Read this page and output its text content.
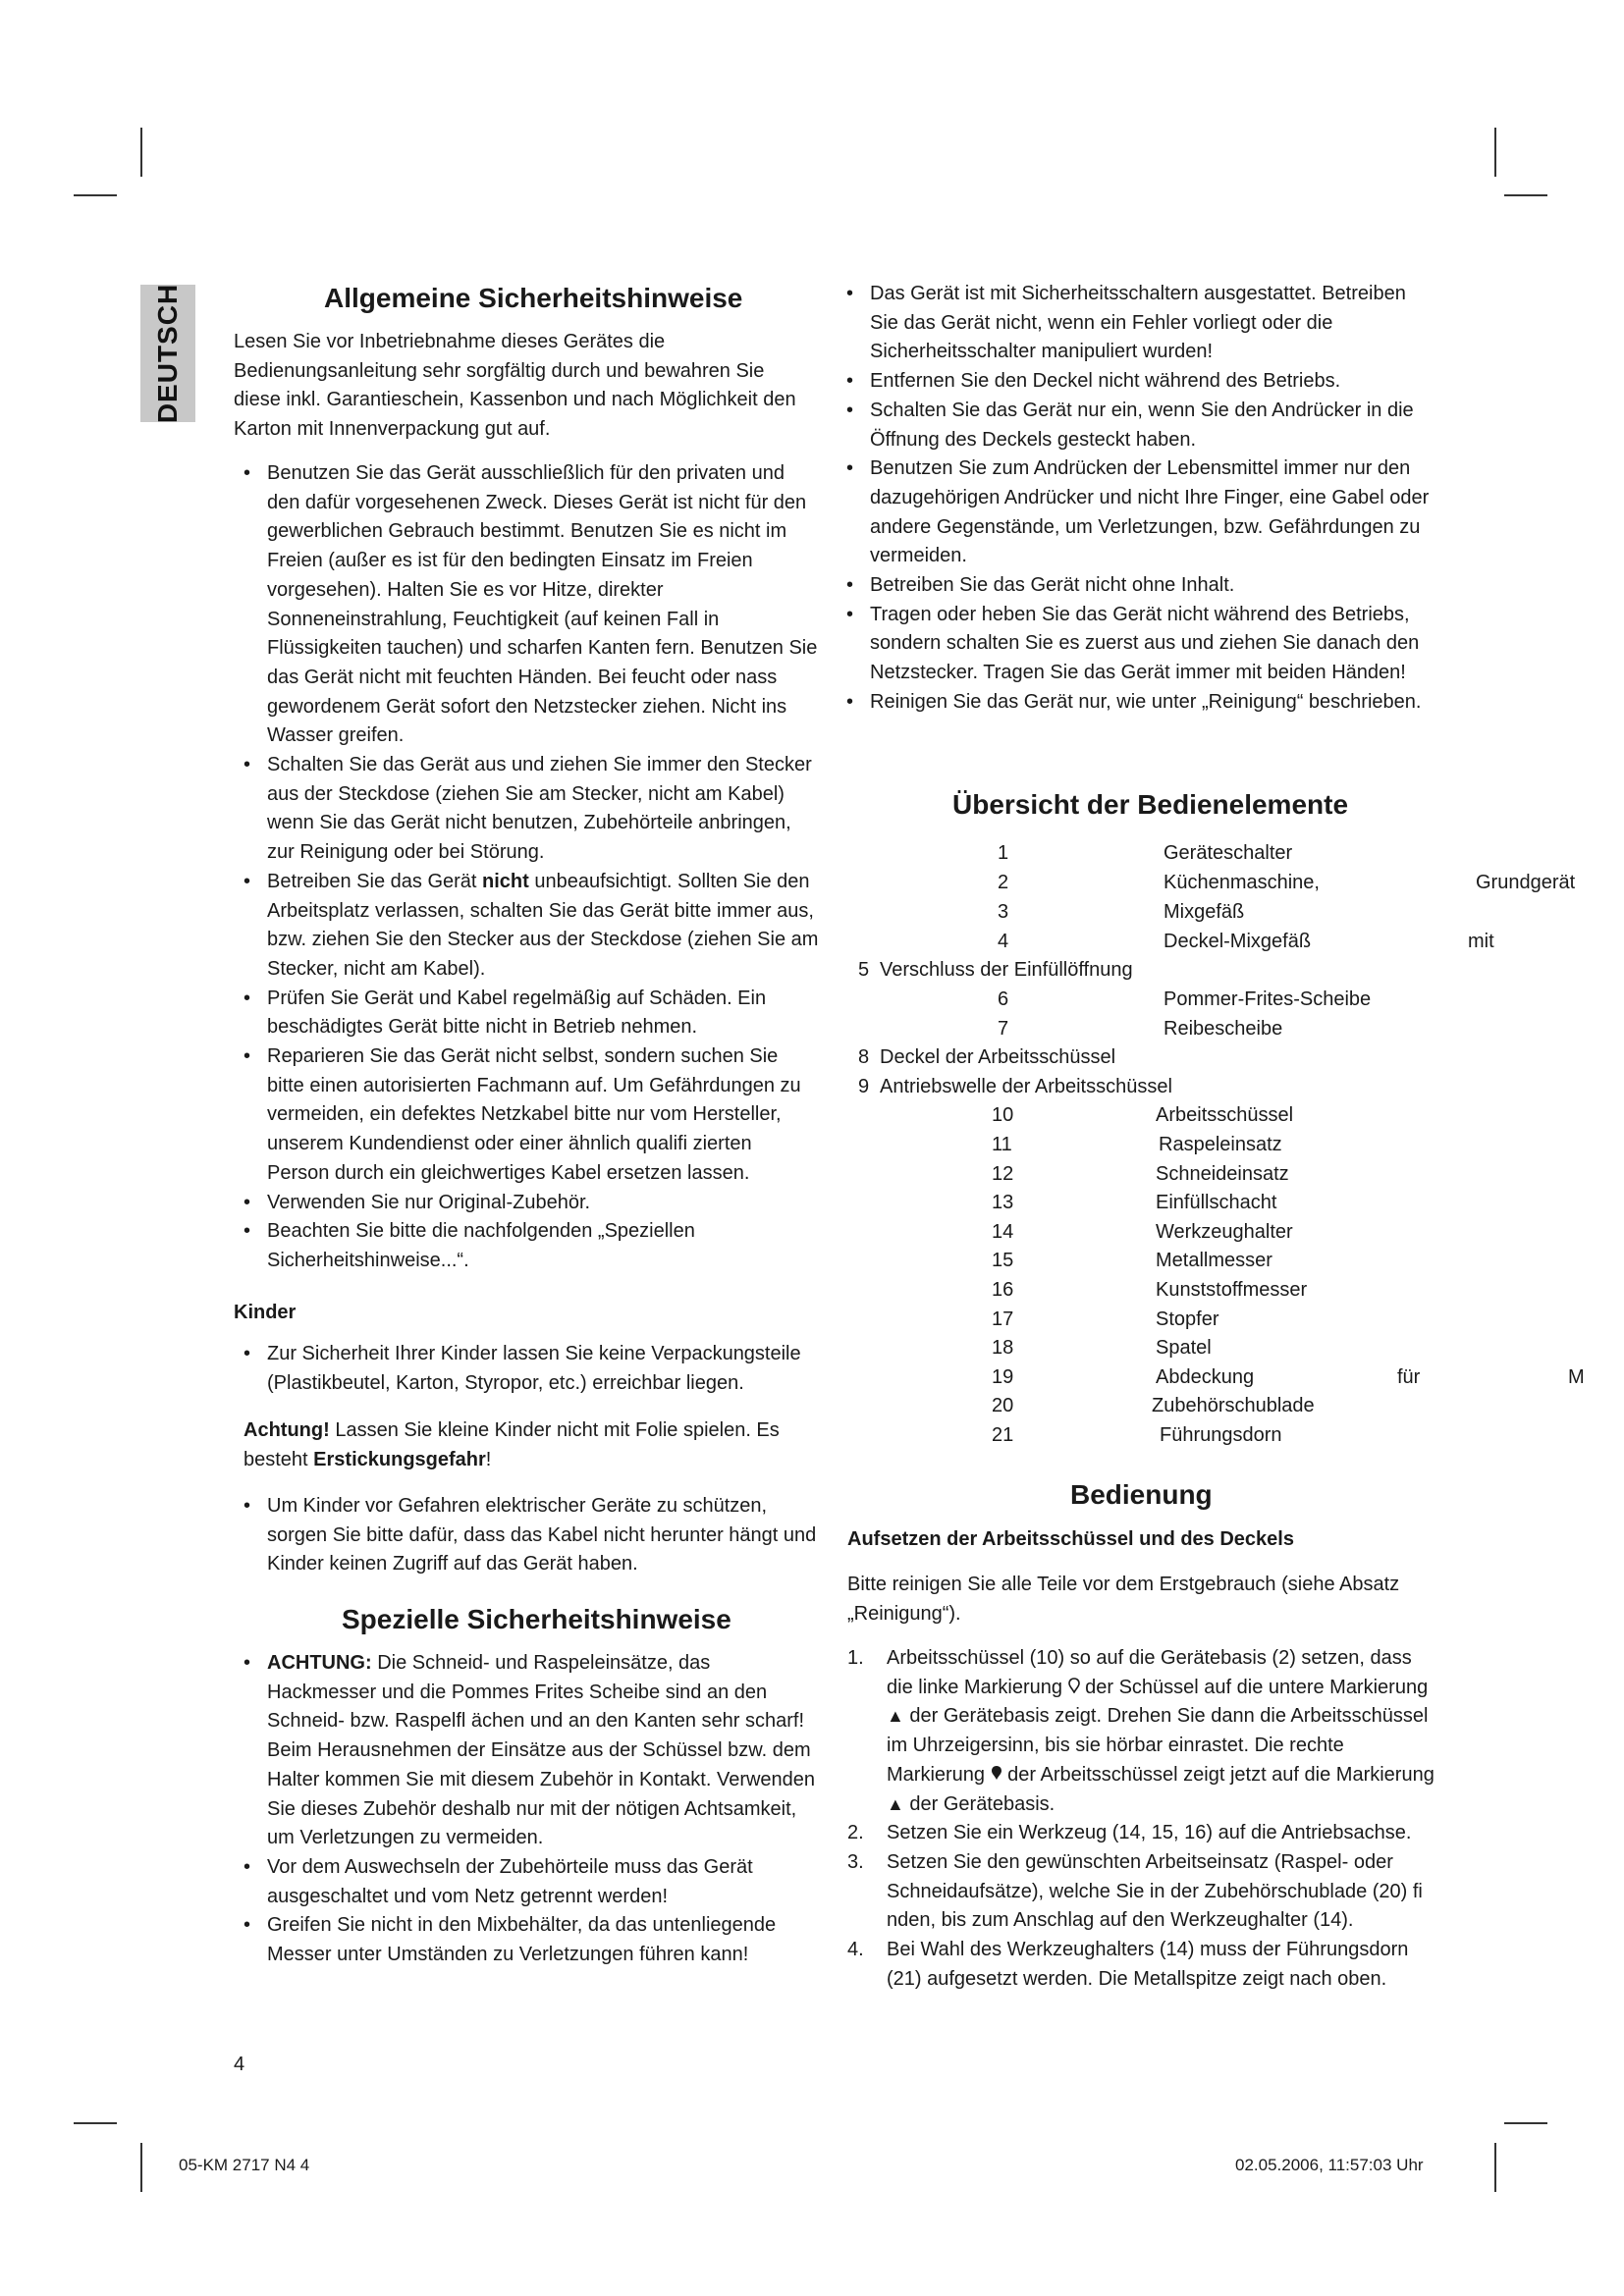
DEUTSCH	Allgemeine Sicherheitshinweise

Lesen Sie vor Inbetriebnahme dieses Gerätes die Bedienungsanleitung sehr sorgfältig durch und bewahren Sie diese inkl. Garantieschein, Kassenbon und nach Möglichkeit den Karton mit Innenverpackung gut auf.

• Benutzen Sie das Gerät ausschließlich für den privaten und den dafür vorgesehenen Zweck. Dieses Gerät ist nicht für den gewerblichen Gebrauch bestimmt. Benutzen Sie es nicht im Freien (außer es ist für den bedingten Einsatz im Freien vorgesehen). Halten Sie es vor Hitze, direkter Sonneneinstrahlung, Feuchtigkeit (auf keinen Fall in Flüssigkeiten tauchen) und scharfen Kanten fern. Benutzen Sie das Gerät nicht mit feuchten Händen. Bei feucht oder nass gewordenem Gerät sofort den Netzstecker ziehen. Nicht ins Wasser greifen.
• Schalten Sie das Gerät aus und ziehen Sie immer den Stecker aus der Steckdose (ziehen Sie am Stecker, nicht am Kabel) wenn Sie das Gerät nicht benutzen, Zubehörteile anbringen, zur Reinigung oder bei Störung.
• Betreiben Sie das Gerät nicht unbeaufsichtigt. Sollten Sie den Arbeitsplatz verlassen, schalten Sie das Gerät bitte immer aus, bzw. ziehen Sie den Stecker aus der Steckdose (ziehen Sie am Stecker, nicht am Kabel).
• Prüfen Sie Gerät und Kabel regelmäßig auf Schäden. Ein beschädigtes Gerät bitte nicht in Betrieb nehmen.
• Reparieren Sie das Gerät nicht selbst, sondern suchen Sie bitte einen autorisierten Fachmann auf. Um Gefährdungen zu vermeiden, ein defektes Netzkabel bitte nur vom Hersteller, unserem Kundendienst oder einer ähnlich qualifi zierten Person durch ein gleichwertiges Kabel ersetzen lassen.
• Verwenden Sie nur Original-Zubehör.
• Beachten Sie bitte die nachfolgenden „Speziellen Sicherheitshinweise...“.
Kinder
• Zur Sicherheit Ihrer Kinder lassen Sie keine Verpackungsteile (Plastikbeutel, Karton, Styropor, etc.) erreichbar liegen.

Achtung! Lassen Sie kleine Kinder nicht mit Folie spielen. Es besteht Erstickungsgefahr!

• Um Kinder vor Gefahren elektrischer Geräte zu schützen, sorgen Sie bitte dafür, dass das Kabel nicht herunter hängt und Kinder keinen Zugriff auf das Gerät haben.
Spezielle Sicherheitshinweise
• ACHTUNG: Die Schneid- und Raspeleinsätze, das Hackmesser und die Pommes Frites Scheibe sind an den Schneid- bzw. Raspelfl ächen und an den Kanten sehr scharf! Beim Herausnehmen der Einsätze aus der Schüssel bzw. dem Halter kommen Sie mit diesem Zubehör in Kontakt. Verwenden Sie dieses Zubehör deshalb nur mit der nötigen Achtsamkeit, um Verletzungen zu vermeiden.
• Vor dem Auswechseln der Zubehörteile muss das Gerät ausgeschaltet und vom Netz getrennt werden!
• Greifen Sie nicht in den Mixbehälter, da das untenliegende Messer unter Umständen zu Verletzungen führen kann!
• Das Gerät ist mit Sicherheitsschaltern ausgestattet. Betreiben Sie das Gerät nicht, wenn ein Fehler vorliegt oder die Sicherheitsschalter manipuliert wurden!
• Entfernen Sie den Deckel nicht während des Betriebs.
• Schalten Sie das Gerät nur ein, wenn Sie den Andrücker in die Öffnung des Deckels gesteckt haben.
• Benutzen Sie zum Andrücken der Lebensmittel immer nur den dazugehörigen Andrücker und nicht Ihre Finger, eine Gabel oder andere Gegenstände, um Verletzungen, bzw. Gefährdungen zu vermeiden.
• Betreiben Sie das Gerät nicht ohne Inhalt.
• Tragen oder heben Sie das Gerät nicht während des Betriebs, sondern schalten Sie es zuerst aus und ziehen Sie danach den Netzstecker. Tragen Sie das Gerät immer mit beiden Händen!
• Reinigen Sie das Gerät nur, wie unter „Reinigung“ beschrieben.
Übersicht der Bedienelemente
1	Geräteschalter
2	Küchenmaschine,	Grundgerät
3	Mixgefäß
4	Deckel-Mixgefäß	mit
5 Verschluss der Einfüllöffnung
6	Pommer-Frites-Scheibe
7	Reibescheibe
8 Deckel der Arbeitsschüssel
9 Antriebswelle der Arbeitsschüssel
10	Arbeitsschüssel
11	Raspeleinsatz
12	Schneideinsatz
13	Einfüllschacht
14	Werkzeughalter
15	Metallmesser
16	Kunststoffmesser
17	Stopfer
18	Spatel
19	Abdeckung	für	M
20	Zubehörschublade
21	Führungsdorn
Bedienung
Aufsetzen der Arbeitsschüssel und des Deckels

Bitte reinigen Sie alle Teile vor dem Erstgebrauch (siehe Absatz „Reinigung“).

1. Arbeitsschüssel (10) so auf die Gerätebasis (2) setzen, dass die linke Markierung  der Schüssel auf die untere Markierung ▲ der Gerätebasis zeigt. Drehen Sie dann die Arbeitsschüssel im Uhrzeigersinn, bis sie hörbar einrastet. Die rechte Markierung  der Arbeitsschüssel zeigt jetzt auf die Markierung ▲ der Gerätebasis.
2. Setzen Sie ein Werkzeug (14, 15, 16) auf die Antriebsachse.
3. Setzen Sie den gewünschten Arbeitseinsatz (Raspel- oder Schneidaufsätze), welche Sie in der Zubehörschublade (20) fi nden, bis zum Anschlag auf den Werkzeughalter (14).
4. Bei Wahl des Werkzeughalters (14) muss der Führungsdorn (21) aufgesetzt werden. Die Metallspitze zeigt nach oben.
4
05-KM 2717 N4 4	02.05.2006, 11:57:03 Uhr
